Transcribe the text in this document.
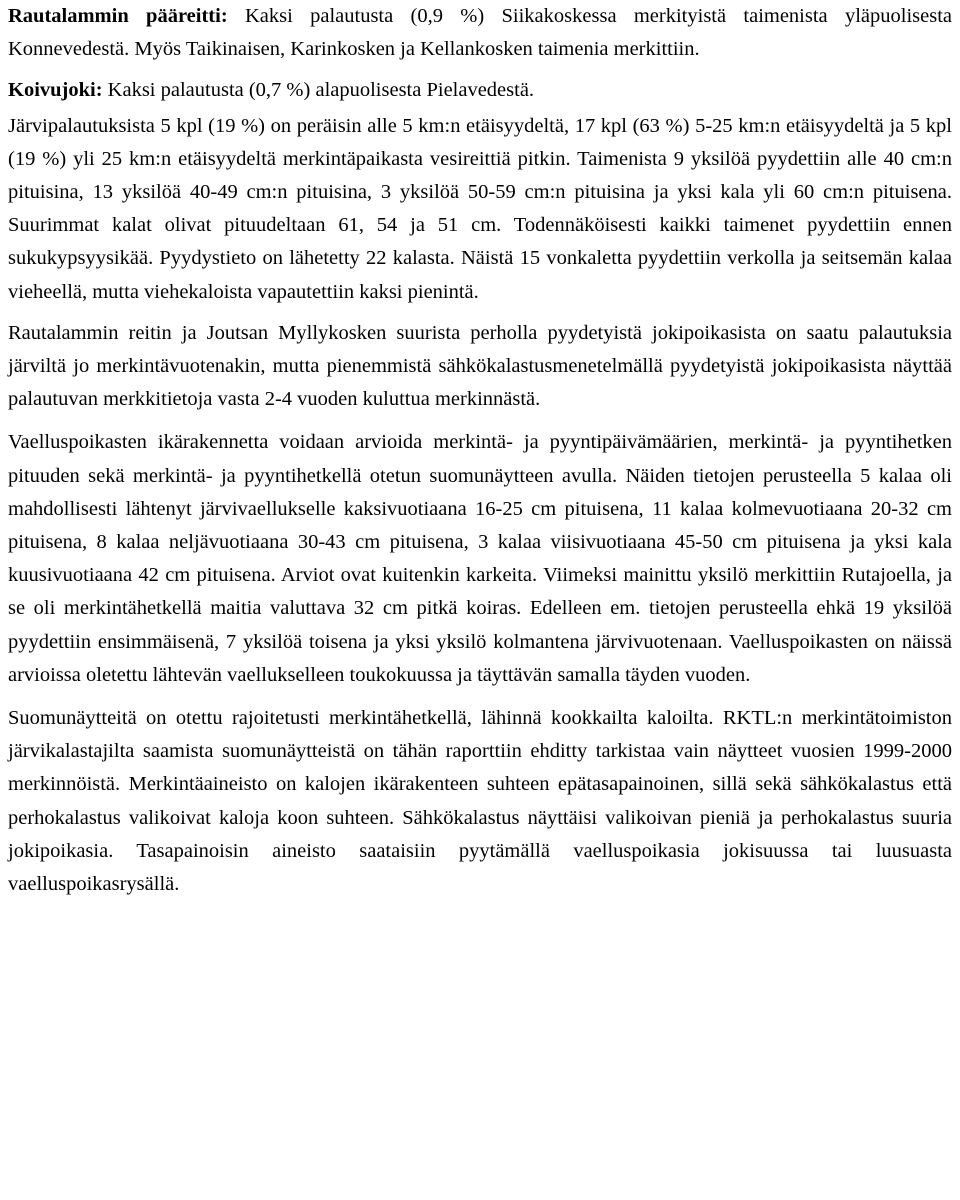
Rautalammin pääreitti: Kaksi palautusta (0,9 %) Siikakoskessa merkityistä taimenista yläpuolisesta Konnevedestä. Myös Taikinaisen, Karinkosken ja Kellankosken taimenia merkittiin.

Koivujoki: Kaksi palautusta (0,7 %) alapuolisesta Pielavedestä.

Järvipalautuksista 5 kpl (19 %) on peräisin alle 5 km:n etäisyydeltä, 17 kpl (63 %) 5-25 km:n etäisyydeltä ja 5 kpl (19 %) yli 25 km:n etäisyydeltä merkintäpaikasta vesireittiä pitkin. Taimenista 9 yksilöä pyydettiin alle 40 cm:n pituisina, 13 yksilöä 40-49 cm:n pituisina, 3 yksilöä 50-59 cm:n pituisina ja yksi kala yli 60 cm:n pituisena. Suurimmat kalat olivat pituudeltaan 61, 54 ja 51 cm. Todennäköisesti kaikki taimenet pyydettiin ennen sukukypsyysikää. Pyydystieto on lähetetty 22 kalasta. Näistä 15 vonkaletta pyydettiin verkolla ja seitsemän kalaa vieheellä, mutta viehekaloista vapautettiin kaksi pienintä.

Rautalammin reitin ja Joutsan Myllykosken suurista perholla pyydetyistä jokipoikasista on saatu palautuksia järviltä jo merkintävuotenakin, mutta pienemmistä sähkökalastusmenetelmällä pyydetyistä jokipoikasista näyttää palautuvan merkkitietoja vasta 2-4 vuoden kuluttua merkinnästä.

Vaelluspoikasten ikärakennetta voidaan arvioida merkintä- ja pyyntipäivämäärien, merkintä- ja pyyntihetken pituuden sekä merkintä- ja pyyntihetkellä otetun suomunäytteen avulla. Näiden tietojen perusteella 5 kalaa oli mahdollisesti lähtenyt järvivaellukselle kaksivuotiaana 16-25 cm pituisena, 11 kalaa kolmevuotiaana 20-32 cm pituisena, 8 kalaa neljävuotiaana 30-43 cm pituisena, 3 kalaa viisivuotiaana 45-50 cm pituisena ja yksi kala kuusivuotiaana 42 cm pituisena. Arviot ovat kuitenkin karkeita. Viimeksi mainittu yksilö merkittiin Rutajoella, ja se oli merkintähetkellä maitia valuttava 32 cm pitkä koiras. Edelleen em. tietojen perusteella ehkä 19 yksilöä pyydettiin ensimmäisenä, 7 yksilöä toisena ja yksi yksilö kolmantena järvivuotenaan. Vaelluspoikasten on näissä arvioissa oletettu lähtevän vaellukselleen toukokuussa ja täyttävän samalla täyden vuoden.

Suomunäytteitä on otettu rajoitetusti merkintähetkellä, lähinnä kookkailta kaloilta. RKTL:n merkintätoimiston järvikalastajilta saamista suomunäytteistä on tähän raporttiin ehditty tarkistaa vain näytteet vuosien 1999-2000 merkinnöistä. Merkintäaineisto on kalojen ikärakenteen suhteen epätasapainoinen, sillä sekä sähkökalastus että perhokalastus valikoivat kaloja koon suhteen. Sähkökalastus näyttäisi valikoivan pieniä ja perhokalastus suuria jokipoikasia. Tasapainoisin aineisto saataisiin pyytämällä vaelluspoikasia jokisuussa tai luusuasta vaelluspoikasrysällä.
